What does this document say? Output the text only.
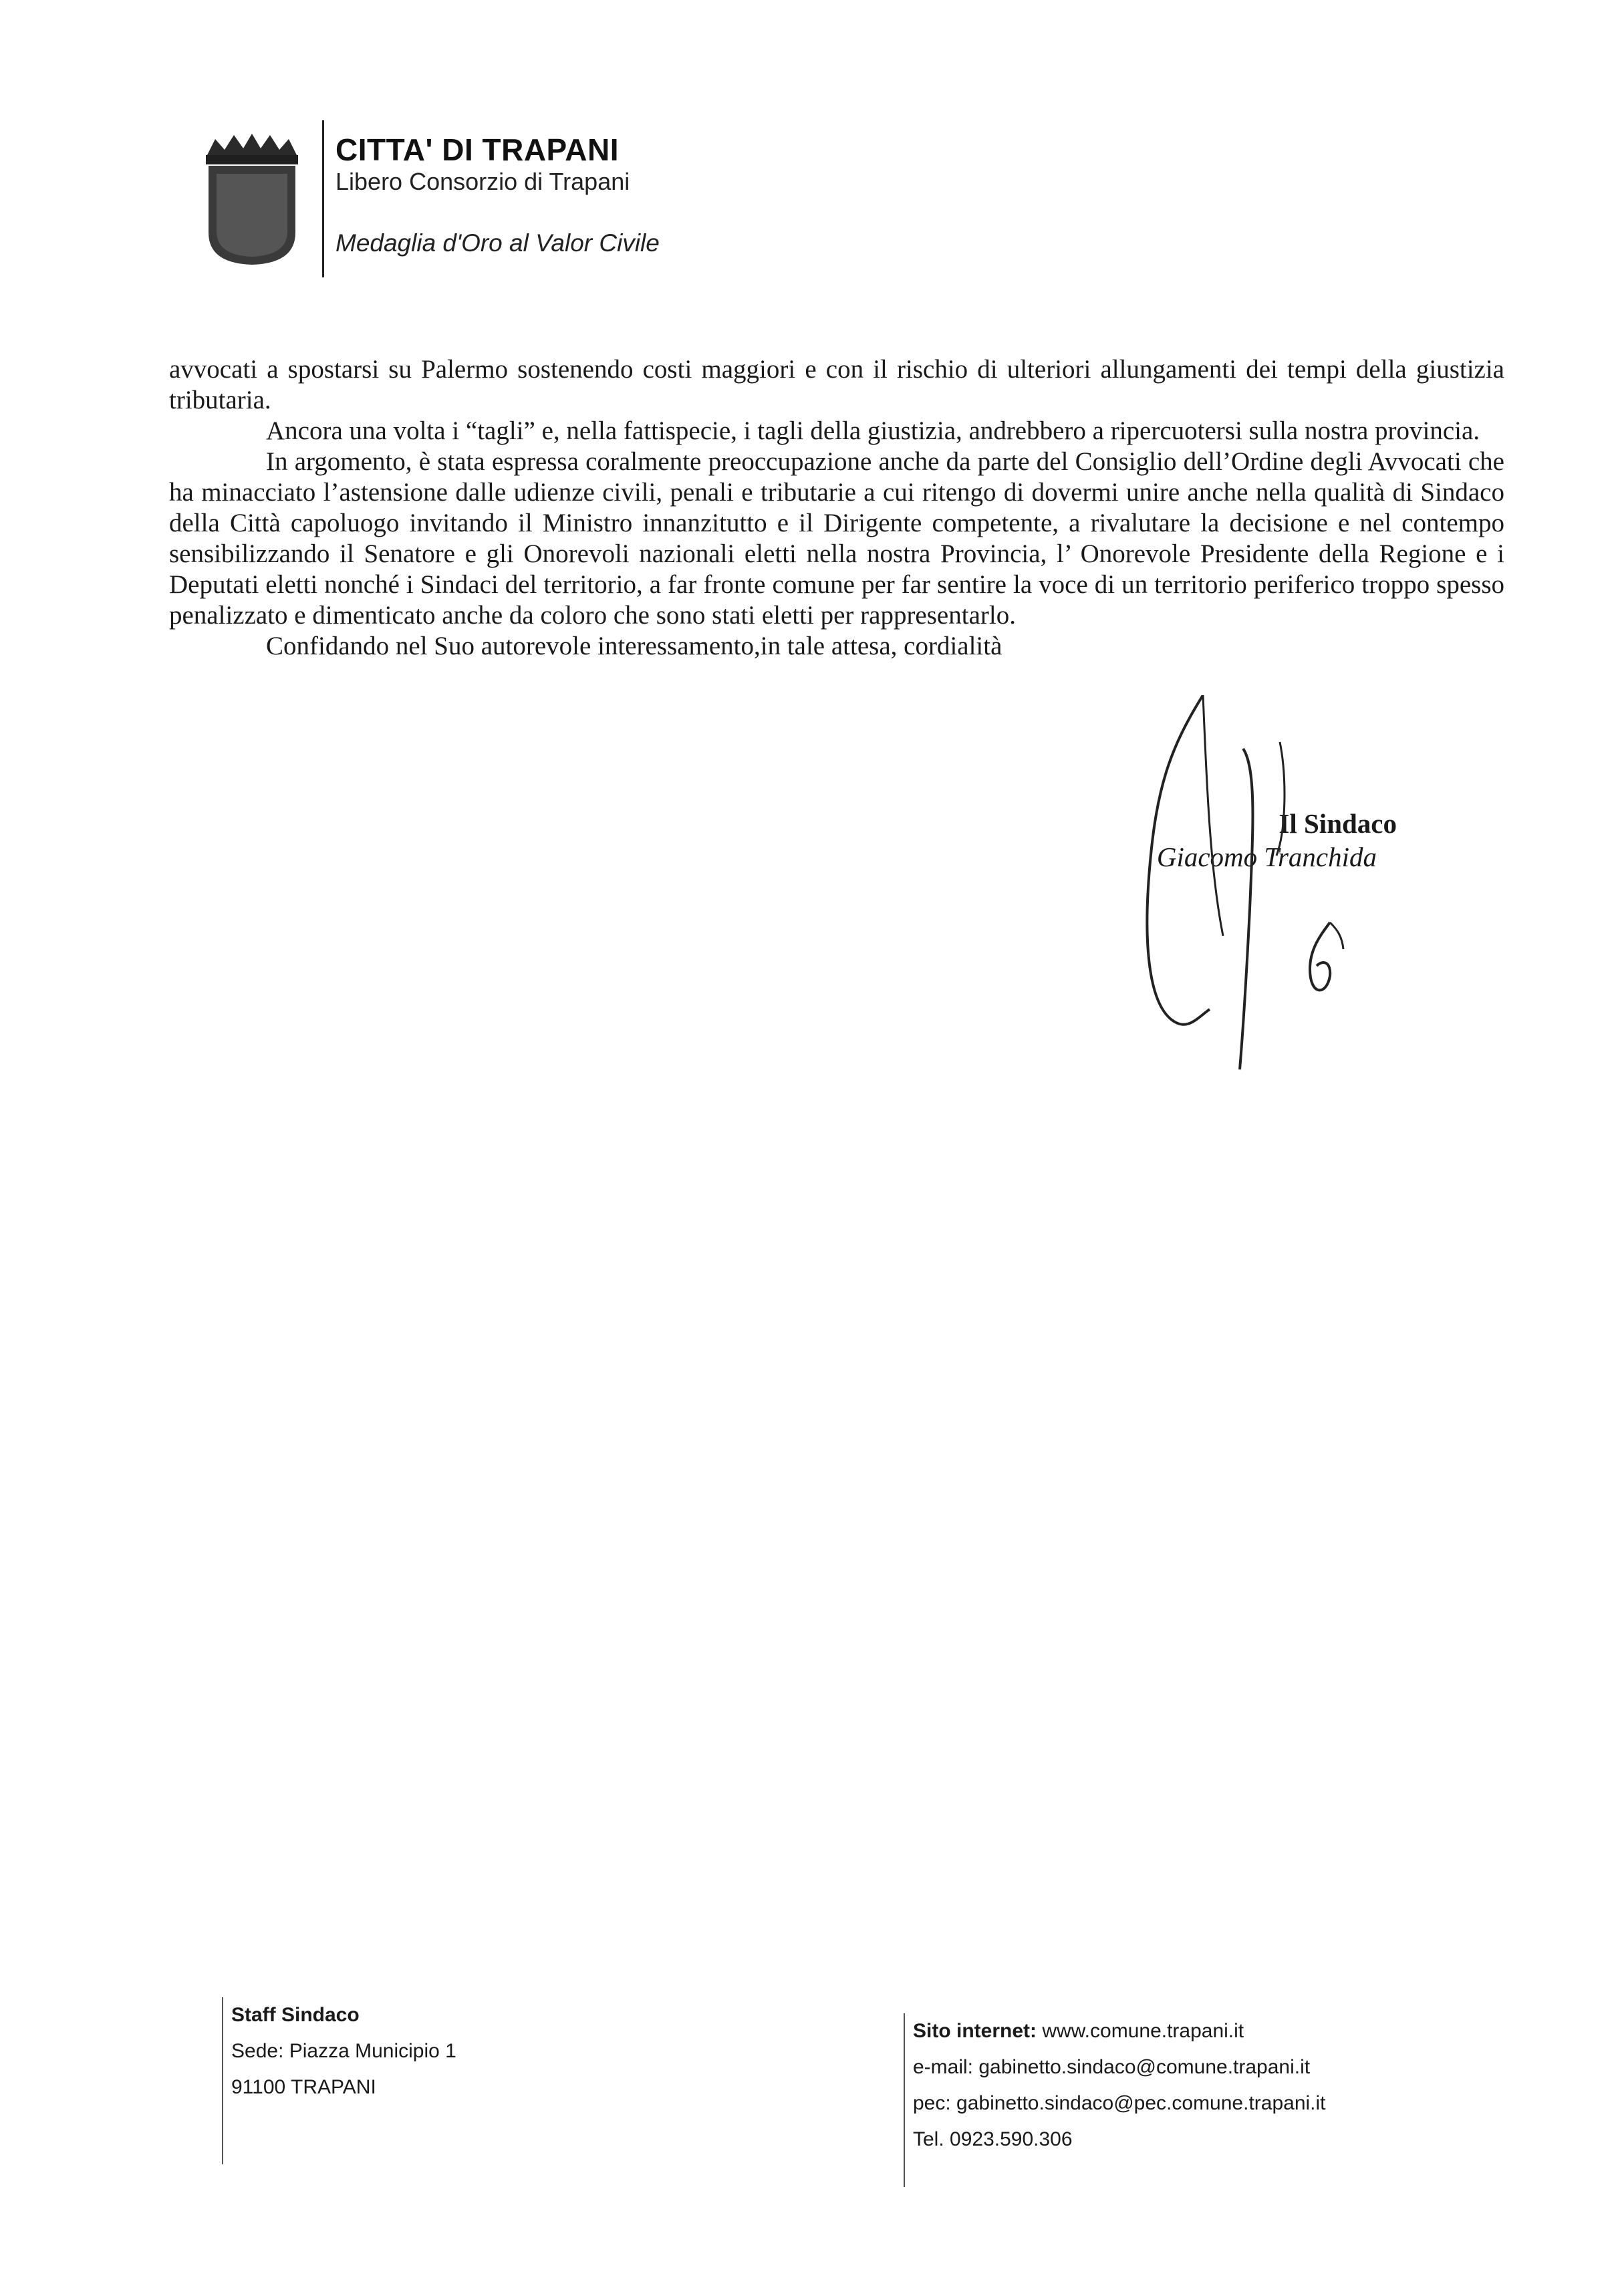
CITTA' DI TRAPANI
Libero Consorzio di Trapani
Medaglia d'Oro al Valor Civile

avvocati a spostarsi su Palermo sostenendo costi maggiori e con il rischio di ulteriori allungamenti dei tempi della giustizia tributaria.

Ancora una volta i “tagli” e, nella fattispecie, i tagli della giustizia, andrebbero a ripercuotersi sulla nostra provincia.

In argomento, è stata espressa coralmente preoccupazione anche da parte del Consiglio dell’Ordine degli Avvocati che ha minacciato l’astensione dalle udienze civili, penali e tributarie a cui ritengo di dovermi unire anche nella qualità di Sindaco della Città capoluogo invitando il Ministro innanzitutto e il Dirigente competente, a rivalutare la decisione e nel contempo sensibilizzando il Senatore e gli Onorevoli nazionali eletti nella nostra Provincia, l’ Onorevole Presidente della Regione e i Deputati eletti nonché i Sindaci del territorio, a far fronte comune per far sentire la voce di un territorio periferico troppo spesso penalizzato e dimenticato anche da coloro che sono stati eletti per rappresentarlo.

Confidando nel Suo autorevole interessamento,in tale attesa, cordialità

Il Sindaco
Giacomo Tranchida
Staff Sindaco
Sede: Piazza Municipio 1
91100 TRAPANI
Sito internet: www.comune.trapani.it
e-mail: gabinetto.sindaco@comune.trapani.it
pec: gabinetto.sindaco@pec.comune.trapani.it
Tel. 0923.590.306
